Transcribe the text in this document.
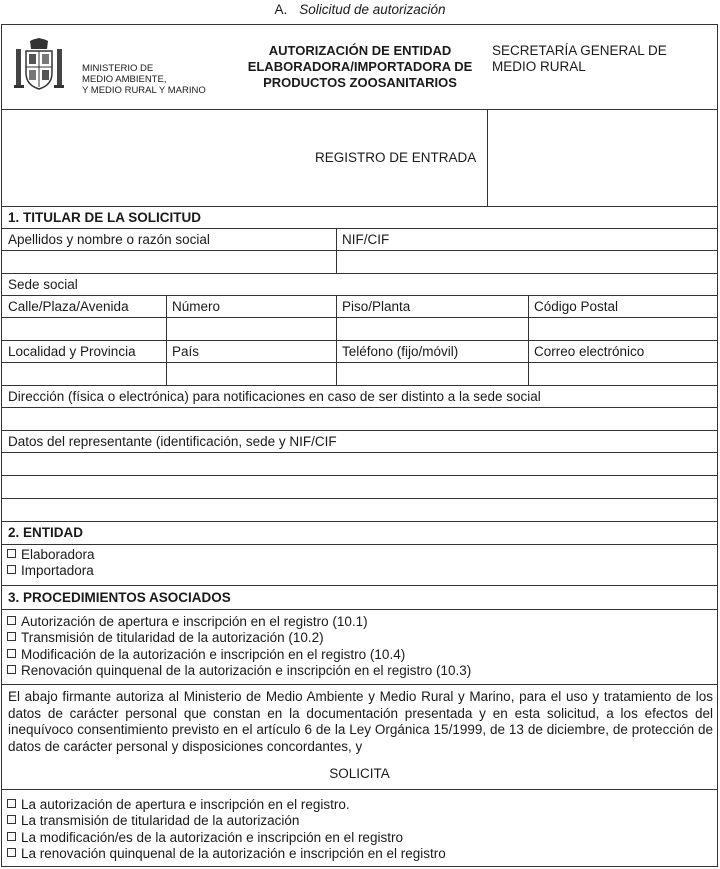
A. Solicitud de autorización
MINISTERIO DE
MEDIO AMBIENTE,
Y MEDIO RURAL Y MARINO
AUTORIZACIÓN DE ENTIDAD
ELABORADORA/IMPORTADORA DE
PRODUCTOS ZOOSANITARIOS
SECRETARÍA GENERAL DE
MEDIO RURAL
REGISTRO DE ENTRADA
1. TITULAR DE LA SOLICITUD
Apellidos y nombre o razón social	NIF/CIF
Sede social
Calle/Plaza/Avenida	Número	Piso/Planta	Código Postal
Localidad y Provincia	País	Teléfono (fijo/móvil)	Correo electrónico
Dirección (física o electrónica) para notificaciones en caso de ser distinto a la sede social
Datos del representante (identificación, sede y NIF/CIF
2. ENTIDAD
Elaboradora
Importadora
3. PROCEDIMIENTOS ASOCIADOS
Autorización de apertura e inscripción en el registro (10.1)
Transmisión de titularidad de la autorización (10.2)
Modificación de la autorización e inscripción en el registro (10.4)
Renovación quinquenal de la autorización e inscripción en el registro (10.3)
El abajo firmante autoriza al Ministerio de Medio Ambiente y Medio Rural y Marino, para el uso y tratamiento de los datos de carácter personal que constan en la documentación presentada y en esta solicitud, a los efectos del inequívoco consentimiento previsto en el artículo 6 de la Ley Orgánica 15/1999, de 13 de diciembre, de protección de datos de carácter personal y disposiciones concordantes, y
SOLICITA
La autorización de apertura e inscripción en el registro.
La transmisión de titularidad de la autorización
La modificación/es de la autorización e inscripción en el registro
La renovación quinquenal de la autorización e inscripción en el registro
